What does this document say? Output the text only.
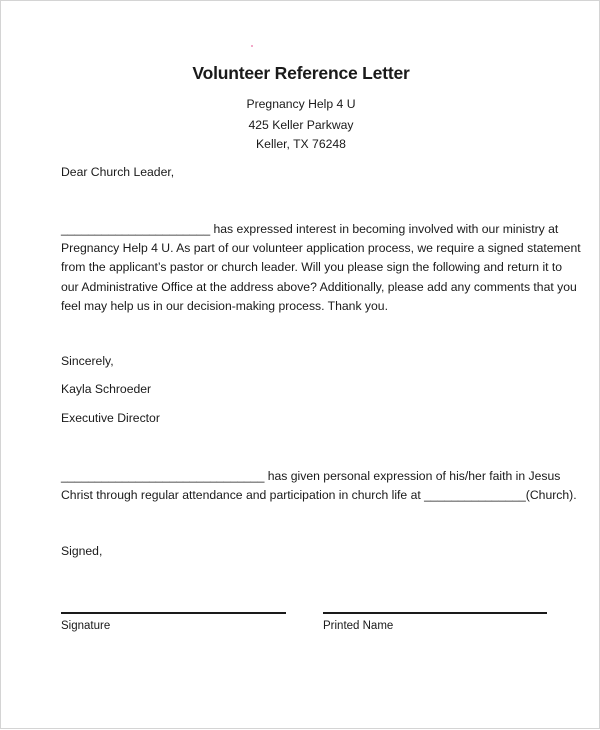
Volunteer Reference Letter
Pregnancy Help 4 U
425 Keller Parkway
Keller, TX 76248
Dear Church Leader,
______________________ has expressed interest in becoming involved with our ministry at
Pregnancy Help 4 U. As part of our volunteer application process, we require a signed statement
from the applicant’s pastor or church leader. Will you please sign the following and return it to
our Administrative Office at the address above? Additionally, please add any comments that you
feel may help us in our decision-making process. Thank you.
Sincerely,
Kayla Schroeder
Executive Director
______________________________ has given personal expression of his/her faith in Jesus
Christ through regular attendance and participation in church life at _______________(Church).
Signed,
Signature	Printed Name
